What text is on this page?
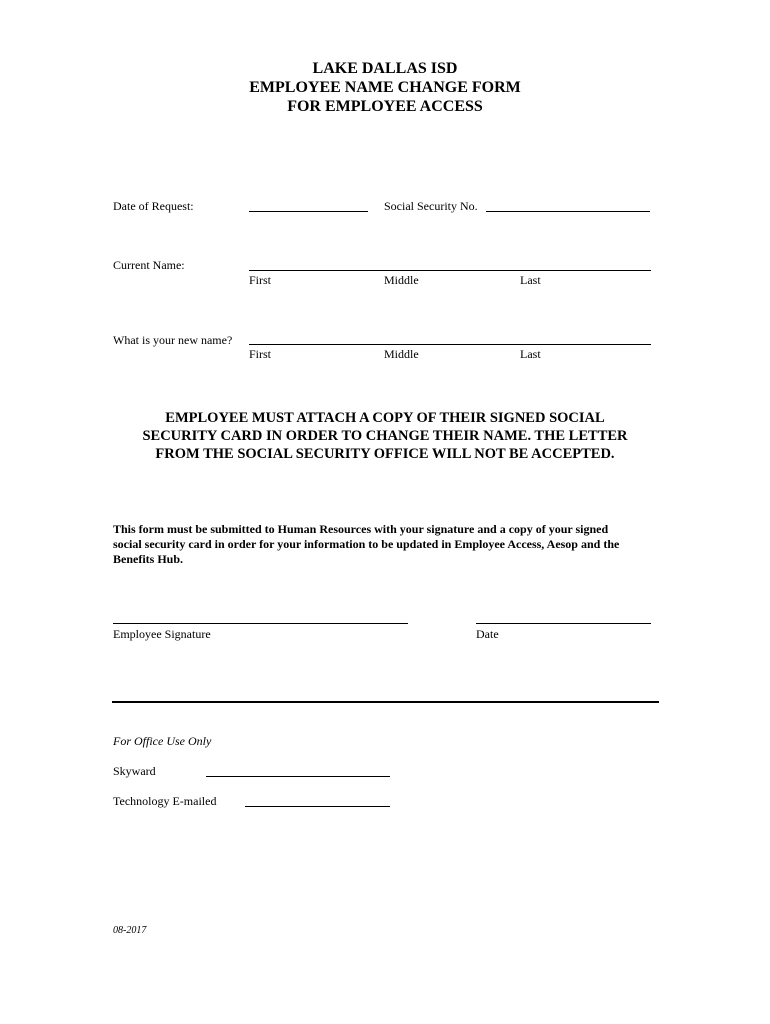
LAKE DALLAS ISD
EMPLOYEE NAME CHANGE FORM
FOR EMPLOYEE ACCESS
Date of Request:	Social Security No.
Current Name:
First	Middle	Last
What is your new name?
First	Middle	Last
EMPLOYEE MUST ATTACH A COPY OF THEIR SIGNED SOCIAL
SECURITY CARD IN ORDER TO CHANGE THEIR NAME. THE LETTER
FROM THE SOCIAL SECURITY OFFICE WILL NOT BE ACCEPTED.
This form must be submitted to Human Resources with your signature and a copy of your signed
social security card in order for your information to be updated in Employee Access, Aesop and the
Benefits Hub.
Employee Signature	Date
For Office Use Only
Skyward
Technology E-mailed
08-2017
